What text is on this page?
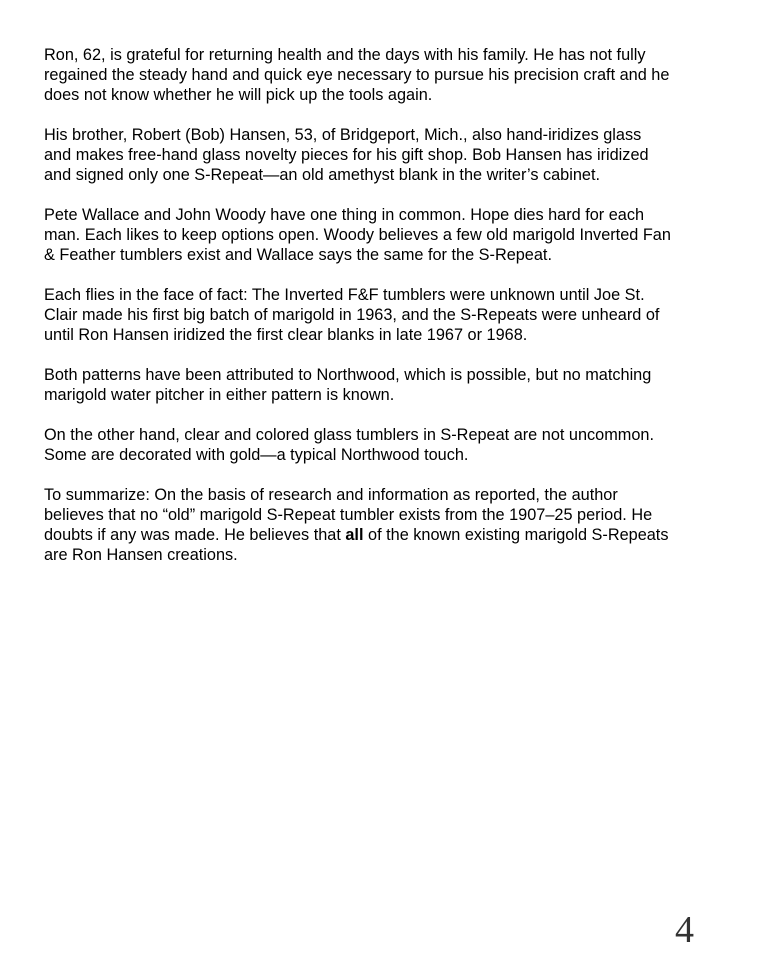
Ron, 62, is grateful for returning health and the days with his family. He has not fully
regained the steady hand and quick eye necessary to pursue his precision craft and he
does not know whether he will pick up the tools again.

His brother, Robert (Bob) Hansen, 53, of Bridgeport, Mich., also hand-iridizes glass
and makes free-hand glass novelty pieces for his gift shop. Bob Hansen has iridized
and signed only one S-Repeat—an old amethyst blank in the writer’s cabinet.

Pete Wallace and John Woody have one thing in common. Hope dies hard for each
man. Each likes to keep options open. Woody believes a few old marigold Inverted Fan
& Feather tumblers exist and Wallace says the same for the S-Repeat.

Each flies in the face of fact: The Inverted F&F tumblers were unknown until Joe St.
Clair made his first big batch of marigold in 1963, and the S-Repeats were unheard of
until Ron Hansen iridized the first clear blanks in late 1967 or 1968.

Both patterns have been attributed to Northwood, which is possible, but no matching
marigold water pitcher in either pattern is known.

On the other hand, clear and colored glass tumblers in S-Repeat are not uncommon.
Some are decorated with gold—a typical Northwood touch.

To summarize: On the basis of research and information as reported, the author
believes that no “old” marigold S-Repeat tumbler exists from the 1907–25 period. He
doubts if any was made. He believes that all of the known existing marigold S-Repeats
are Ron Hansen creations.

4
